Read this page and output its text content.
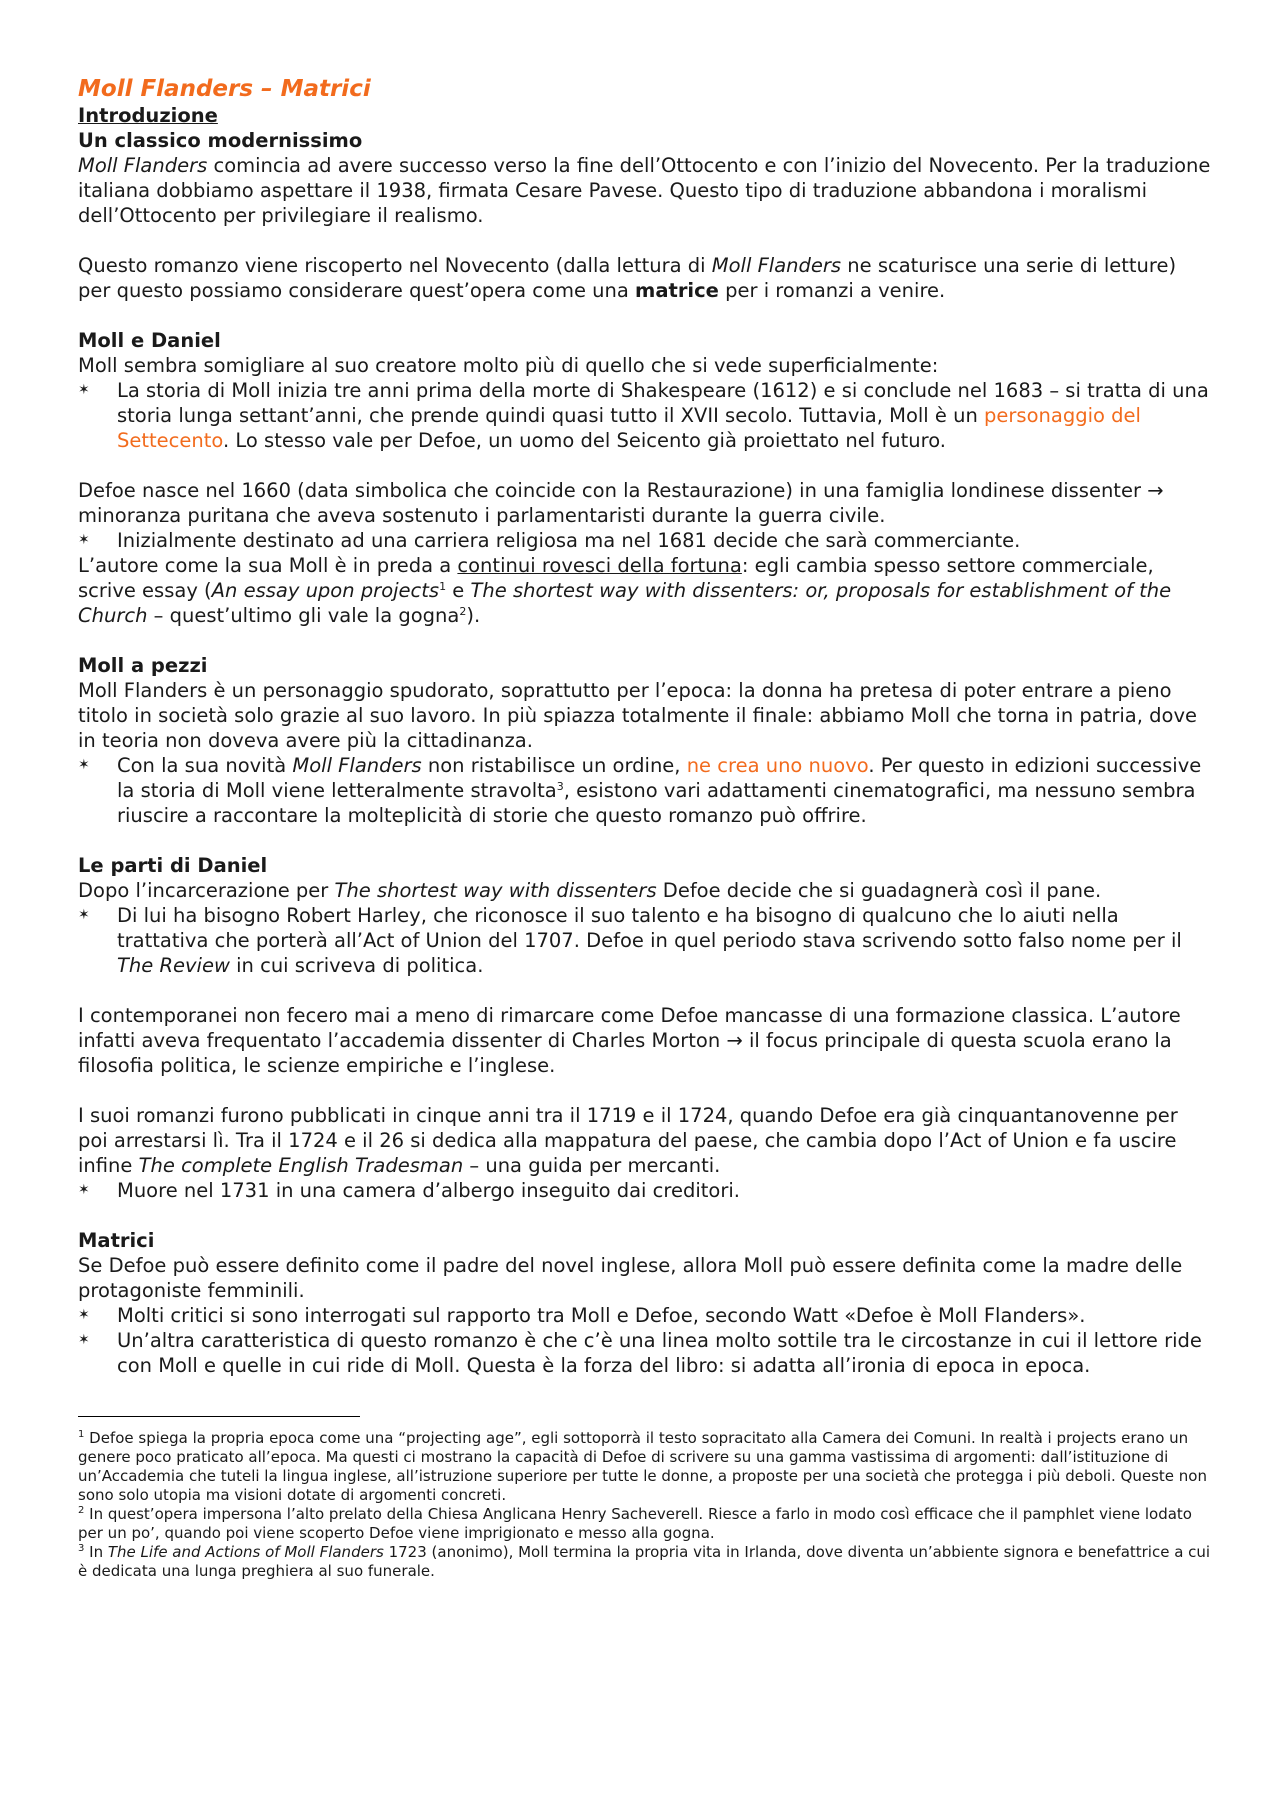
Moll Flanders – Matrici
Introduzione
Un classico modernissimo

Moll Flanders comincia ad avere successo verso la fine dell’Ottocento e con l’inizio del Novecento. Per la traduzione italiana dobbiamo aspettare il 1938, firmata Cesare Pavese. Questo tipo di traduzione abbandona i moralismi dell’Ottocento per privilegiare il realismo.

Questo romanzo viene riscoperto nel Novecento (dalla lettura di Moll Flanders ne scaturisce una serie di letture) per questo possiamo considerare quest’opera come una matrice per i romanzi a venire.

Moll e Daniel

Moll sembra somigliare al suo creatore molto più di quello che si vede superficialmente:

✶ La storia di Moll inizia tre anni prima della morte di Shakespeare (1612) e si conclude nel 1683 – si tratta di una storia lunga settant’anni, che prende quindi quasi tutto il XVII secolo. Tuttavia, Moll è un personaggio del Settecento. Lo stesso vale per Defoe, un uomo del Seicento già proiettato nel futuro.

Defoe nasce nel 1660 (data simbolica che coincide con la Restaurazione) in una famiglia londinese dissenter → minoranza puritana che aveva sostenuto i parlamentaristi durante la guerra civile.

✶ Inizialmente destinato ad una carriera religiosa ma nel 1681 decide che sarà commerciante.

L’autore come la sua Moll è in preda a continui rovesci della fortuna: egli cambia spesso settore commerciale, scrive essay (An essay upon projects$^1$ e The shortest way with dissenters: or, proposals for establishment of the Church – quest’ultimo gli vale la gogna$^2$).

Moll a pezzi

Moll Flanders è un personaggio spudorato, soprattutto per l’epoca: la donna ha pretesa di poter entrare a pieno titolo in società solo grazie al suo lavoro. In più spiazza totalmente il finale: abbiamo Moll che torna in patria, dove in teoria non doveva avere più la cittadinanza.

✶ Con la sua novità Moll Flanders non ristabilisce un ordine, ne crea uno nuovo. Per questo in edizioni successive la storia di Moll viene letteralmente stravolta$^3$, esistono vari adattamenti cinematografici, ma nessuno sembra riuscire a raccontare la molteplicità di storie che questo romanzo può offrire.
Le parti di Daniel

Dopo l’incarcerazione per The shortest way with dissenters Defoe decide che si guadagnerà così il pane.

✶ Di lui ha bisogno Robert Harley, che riconosce il suo talento e ha bisogno di qualcuno che lo aiuti nella trattativa che porterà all’Act of Union del 1707. Defoe in quel periodo stava scrivendo sotto falso nome per il The Review in cui scriveva di politica.

I contemporanei non fecero mai a meno di rimarcare come Defoe mancasse di una formazione classica. L’autore infatti aveva frequentato l’accademia dissenter di Charles Morton → il focus principale di questa scuola erano la filosofia politica, le scienze empiriche e l’inglese.

I suoi romanzi furono pubblicati in cinque anni tra il 1719 e il 1724, quando Defoe era già cinquantanovenne per poi arrestarsi lì. Tra il 1724 e il 26 si dedica alla mappatura del paese, che cambia dopo l’Act of Union e fa uscire infine The complete English Tradesman – una guida per mercanti.

✶ Muore nel 1731 in una camera d’albergo inseguito dai creditori.
Matrici

Se Defoe può essere definito come il padre del novel inglese, allora Moll può essere definita come la madre delle protagoniste femminili.

✶ Molti critici si sono interrogati sul rapporto tra Moll e Defoe, secondo Watt «Defoe è Moll Flanders».
✶ Un’altra caratteristica di questo romanzo è che c’è una linea molto sottile tra le circostanze in cui il lettore ride con Moll e quelle in cui ride di Moll. Questa è la forza del libro: si adatta all’ironia di epoca in epoca.
$^1$ Defoe spiega la propria epoca come una “projecting age”, egli sottoporrà il testo sopracitato alla Camera dei Comuni. In realtà i projects erano un genere poco praticato all’epoca. Ma questi ci mostrano la capacità di Defoe di scrivere su una gamma vastissima di argomenti: dall’istituzione di un’Accademia che tuteli la lingua inglese, all’istruzione superiore per tutte le donne, a proposte per una società che protegga i più deboli. Queste non sono solo utopia ma visioni dotate di argomenti concreti.
$^2$ In quest’opera impersona l’alto prelato della Chiesa Anglicana Henry Sacheverell. Riesce a farlo in modo così efficace che il pamphlet viene lodato per un po’, quando poi viene scoperto Defoe viene imprigionato e messo alla gogna.
$^3$ In The Life and Actions of Moll Flanders 1723 (anonimo), Moll termina la propria vita in Irlanda, dove diventa un’abbiente signora e benefattrice a cui è dedicata una lunga preghiera al suo funerale.
